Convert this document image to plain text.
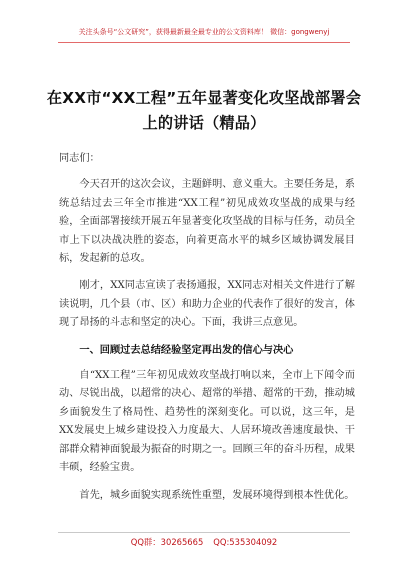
关注头条号“公文研究”，获得最新最全最专业的公文资料库！ 微信：gongwenyj
在XX市“XX工程”五年显著变化攻坚战部署会上的讲话（精品）

同志们：

今天召开的这次会议，主题鲜明、意义重大。主要任务是，系统总结过去三年全市推进“XX工程”初见成效攻坚战的成果与经验，全面部署接续开展五年显著变化攻坚战的目标与任务，动员全市上下以决战决胜的姿态，向着更高水平的城乡区域协调发展目标，发起新的总攻。

刚才，XX同志宣读了表扬通报，XX同志对相关文件进行了解读说明，几个县（市、区）和助力企业的代表作了很好的发言，体现了昂扬的斗志和坚定的决心。下面，我讲三点意见。

一、回顾过去总结经验坚定再出发的信心与决心

自“XX工程”三年初见成效攻坚战打响以来，全市上下闻令而动、尽锐出战，以超常的决心、超常的举措、超常的干劲，推动城乡面貌发生了格局性、趋势性的深刻变化。可以说，这三年，是XX发展史上城乡建设投入力度最大、人居环境改善速度最快、干部群众精神面貌最为振奋的时期之一。回顾三年的奋斗历程，成果丰硕，经验宝贵。

首先，城乡面貌实现系统性重塑，发展环境得到根本性优化。

QQ群：30265665 QQ:535304092
